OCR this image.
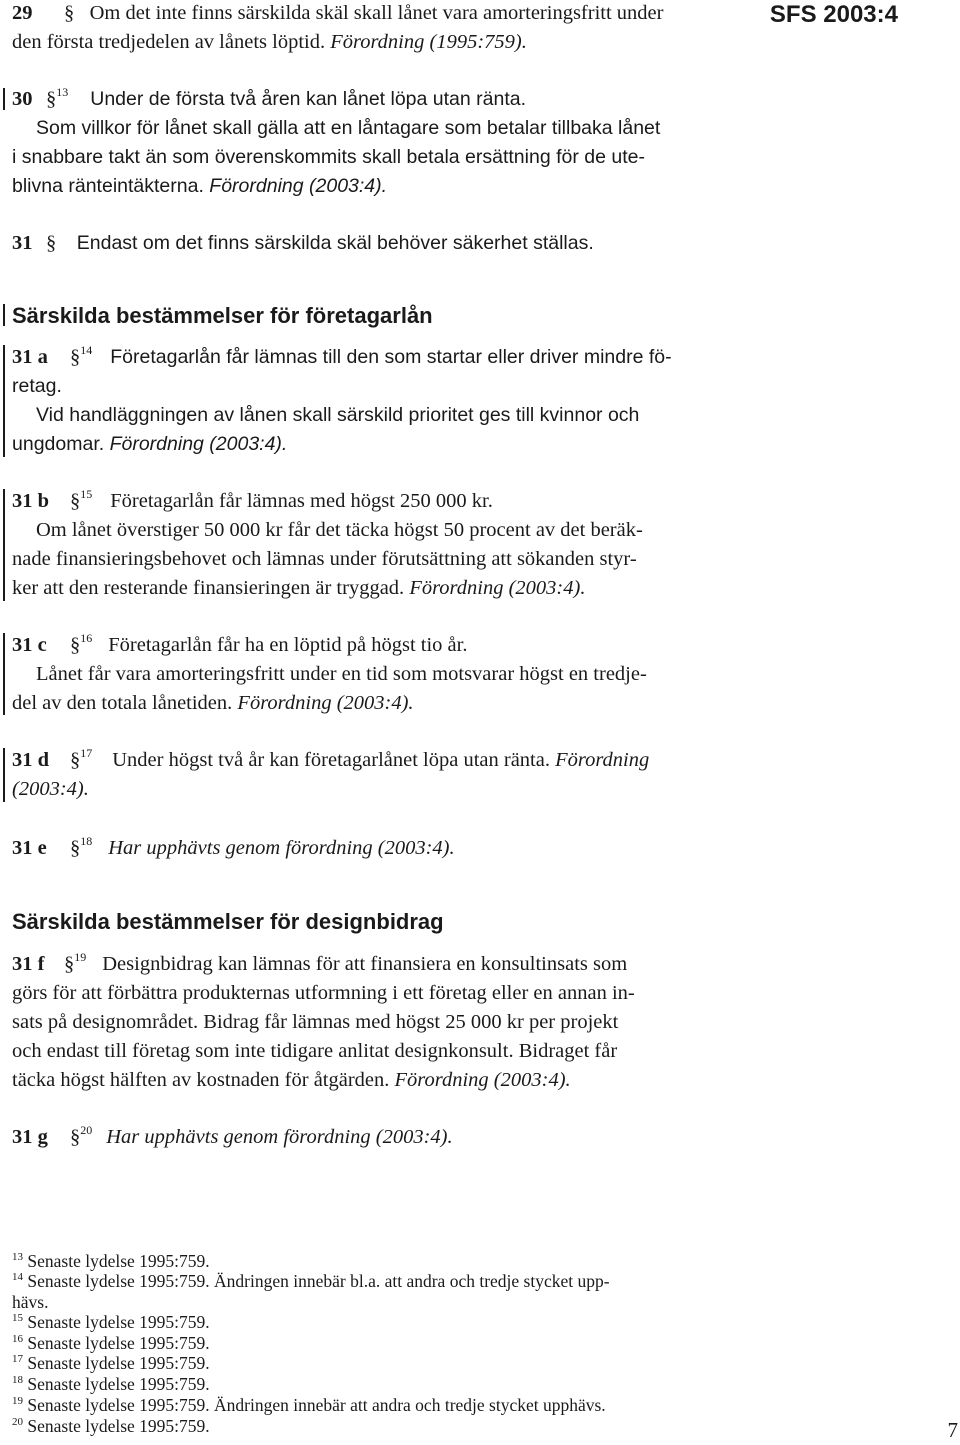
SFS 2003:4
29 § Om det inte finns särskilda skäl skall lånet vara amorteringsfritt under
den första tredjedelen av lånets löptid. Förordning (1995:759).
30 §$^{13}$ Under de första två åren kan lånet löpa utan ränta.
Som villkor för lånet skall gälla att en låntagare som betalar tillbaka lånet
i snabbare takt än som överenskommits skall betala ersättning för de ute-
blivna ränteintäkterna. Förordning (2003:4).
31 § Endast om det finns särskilda skäl behöver säkerhet ställas.
Särskilda bestämmelser för företagarlån
31 a §$^{14}$ Företagarlån får lämnas till den som startar eller driver mindre fö-
retag.
Vid handläggningen av lånen skall särskild prioritet ges till kvinnor och
ungdomar. Förordning (2003:4).
31 b §$^{15}$ Företagarlån får lämnas med högst 250 000 kr.
Om lånet överstiger 50 000 kr får det täcka högst 50 procent av det beräk-
nade finansieringsbehovet och lämnas under förutsättning att sökanden styr-
ker att den resterande finansieringen är tryggad. Förordning (2003:4).
31 c §$^{16}$ Företagarlån får ha en löptid på högst tio år.
Lånet får vara amorteringsfritt under en tid som motsvarar högst en tredje-
del av den totala lånetiden. Förordning (2003:4).
31 d §$^{17}$ Under högst två år kan företagarlånet löpa utan ränta. Förordning
(2003:4).
31 e §$^{18}$ Har upphävts genom förordning (2003:4).
Särskilda bestämmelser för designbidrag
31 f §$^{19}$ Designbidrag kan lämnas för att finansiera en konsultinsats som
görs för att förbättra produkternas utformning i ett företag eller en annan in-
sats på designområdet. Bidrag får lämnas med högst 25 000 kr per projekt
och endast till företag som inte tidigare anlitat designkonsult. Bidraget får
täcka högst hälften av kostnaden för åtgärden. Förordning (2003:4).
31 g §$^{20}$ Har upphävts genom förordning (2003:4).
$^{13}$ Senaste lydelse 1995:759.
$^{14}$ Senaste lydelse 1995:759. Ändringen innebär bl.a. att andra och tredje stycket upp-
hävs.
$^{15}$ Senaste lydelse 1995:759.
$^{16}$ Senaste lydelse 1995:759.
$^{17}$ Senaste lydelse 1995:759.
$^{18}$ Senaste lydelse 1995:759.
$^{19}$ Senaste lydelse 1995:759. Ändringen innebär att andra och tredje stycket upphävs.
$^{20}$ Senaste lydelse 1995:759.	7
